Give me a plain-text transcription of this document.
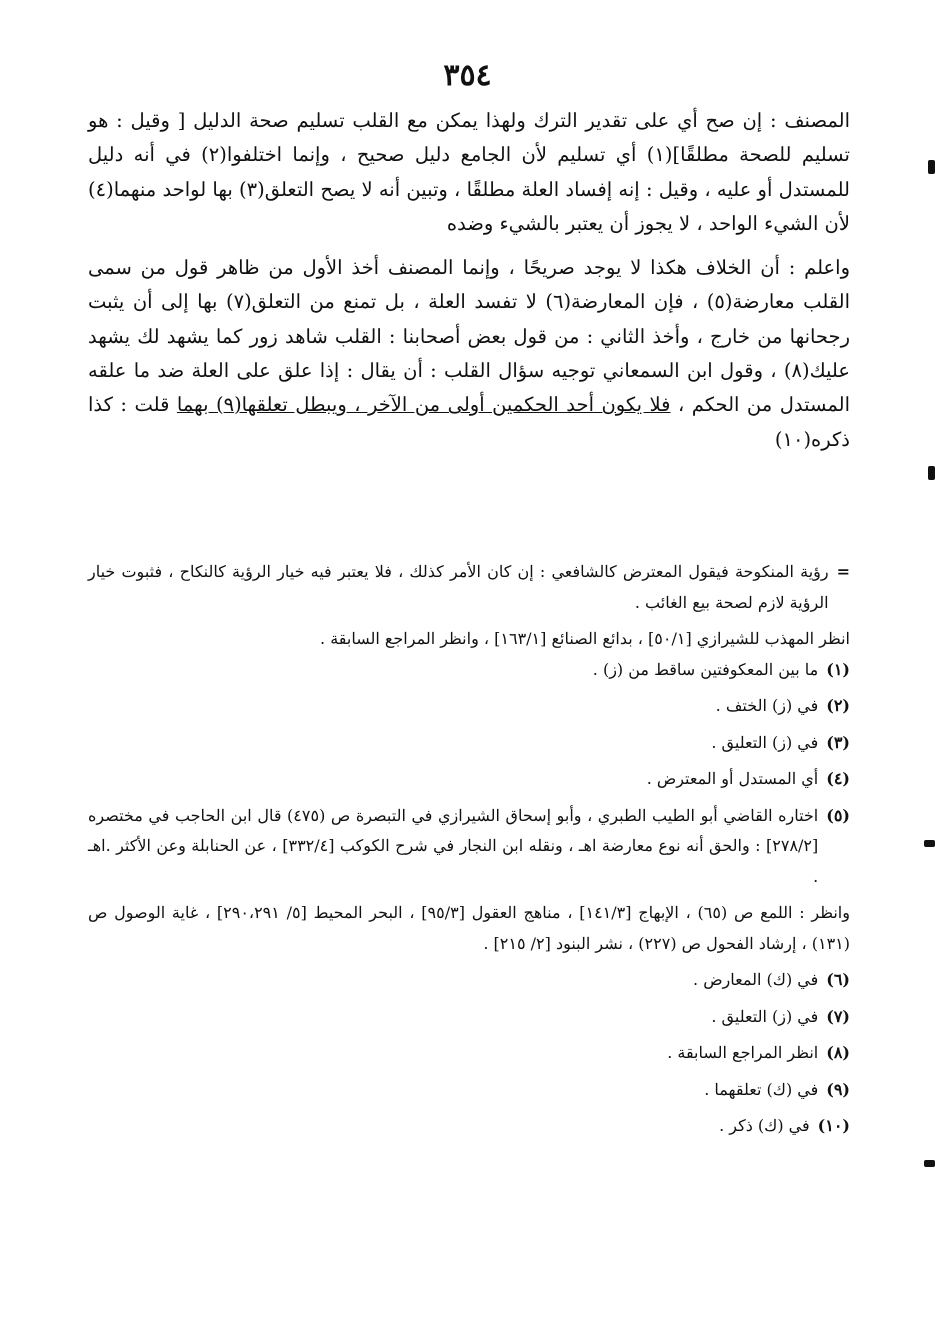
٣٥٤

المصنف : إن صح أي على تقدير الترك ولهذا يمكن مع القلب تسليم صحة الدليل [ وقيل : هو تسليم للصحة مطلقًا](١) أي تسليم لأن الجامع دليل صحيح ، وإنما اختلفوا(٢) في أنه دليل للمستدل أو عليه ، وقيل : إنه إفساد العلة مطلقًا ، وتبين أنه لا يصح التعلق(٣) بها لواحد منهما(٤) لأن الشيء الواحد ، لا يجوز أن يعتبر بالشيء وضده

واعلم : أن الخلاف هكذا لا يوجد صريحًا ، وإنما المصنف أخذ الأول من ظاهر قول من سمى القلب معارضة(٥) ، فإن المعارضة(٦) لا تفسد العلة ، بل تمنع من التعلق(٧) بها إلى أن يثبت رجحانها من خارج ، وأخذ الثاني : من قول بعض أصحابنا : القلب شاهد زور كما يشهد لك يشهد عليك(٨) ، وقول ابن السمعاني توجيه سؤال القلب : أن يقال : إذا علق على العلة ضد ما علقه المستدل من الحكم ، فلا يكون أحد الحكمين أولى من الآخر ، ويبطل تعلقها(٩) بهما قلت : كذا ذكره(١٠)

=
رؤية المنكوحة فيقول المعترض كالشافعي : إن كان الأمر كذلك ، فلا يعتبر فيه خيار الرؤية كالنكاح ، فثبوت خيار الرؤية لازم لصحة بيع الغائب .

انظر المهذب للشيرازي [٥٠/١] ، بدائع الصنائع [١٦٣/١] ، وانظر المراجع السابقة .

(١)
ما بين المعكوفتين ساقط من (ز) .
(٢)
في (ز) الختف .
(٣)
في (ز) التعليق .
(٤)
أي المستدل أو المعترض .
(٥)
اختاره القاضي أبو الطيب الطبري ، وأبو إسحاق الشيرازي في التبصرة ص (٤٧٥) قال ابن الحاجب في مختصره [٢٧٨/٢] : والحق أنه نوع معارضة اهـ ، ونقله ابن النجار في شرح الكوكب [٣٣٢/٤] ، عن الحنابلة وعن الأكثر .اهـ .

وانظر : اللمع ص (٦٥) ، الإبهاج [١٤١/٣] ، مناهج العقول [٩٥/٣] ، البحر المحيط [٥/ ٢٩٠،٢٩١] ، غاية الوصول ص (١٣١) ، إرشاد الفحول ص (٢٢٧) ، نشر البنود [٢/ ٢١٥] .

(٦)
في (ك) المعارض .
(٧)
في (ز) التعليق .
(٨)
انظر المراجع السابقة .
(٩)
في (ك) تعلقهما .
(١٠)
في (ك) ذكر .
